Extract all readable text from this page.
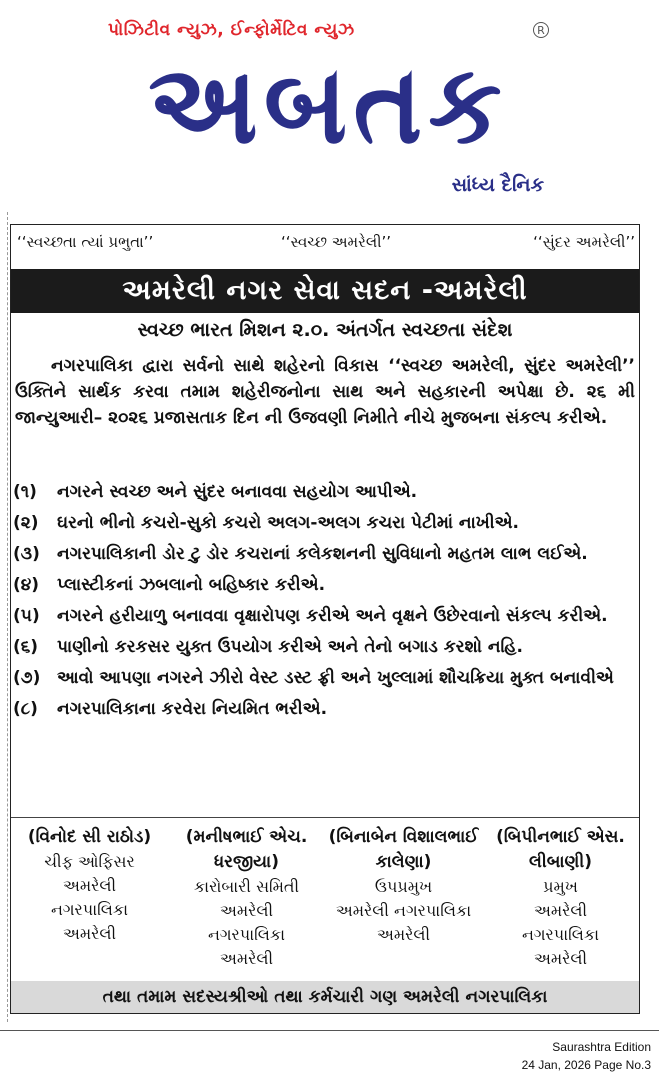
પોઝિટીવ ન્યુઝ, ઈન્ફોર્મેટિવ ન્યુઝ	R
અબતક
સાંધ્ય દૈનિક
‘‘સ્વચ્છતા ત્યાં પ્રભુતા’’	‘‘સ્વચ્છ અમરેલી’’	‘‘સુંદર અમરેલી’’
અમરેલી નગર સેવા સદન -અમરેલી
સ્વચ્છ ભારત મિશન ૨.૦. અંતર્ગત સ્વચ્છતા સંદેશ
નગરપાલિકા દ્વારા સર્વનો સાથે શહેરનો વિકાસ ‘‘સ્વચ્છ અમરેલી, સુંદર અમરેલી’’ ઉક્તિને સાર્થક કરવા તમામ શહેરીજનોના સાથ અને સહકારની અપેક્ષા છે. ૨૬ મી જાન્યુઆરી– ૨૦૨૬ પ્રજાસતાક દિન ની ઉજવણી નિમીતે નીચે મુજબના સંકલ્પ કરીએ.
(૧)	નગરને સ્વચ્છ અને સુંદર બનાવવા સહયોગ આપીએ.
(૨)	ઘરનો ભીનો કચરો-સુકો કચરો અલગ-અલગ કચરા પેટીમાં નાખીએ.
(૩)	નગરપાલિકાની ડોર ટુ ડોર કચરાનાં કલેકશનની સુવિધાનો મહતમ લાભ લઈએ.
(૪)	પ્લાસ્ટીકનાં ઝબલાનો બહિષ્કાર કરીએ.
(૫)	નગરને હરીયાળુ બનાવવા વૃક્ષારોપણ કરીએ અને વૃક્ષને ઉછેરવાનો સંકલ્પ કરીએ.
(૬)	પાણીનો કરકસર યુક્ત ઉપયોગ કરીએ અને તેનો બગાડ કરશો નહિ.
(૭) આવો આપણા નગરને ઝીરો વેસ્ટ ડસ્ટ ફ્રી અને ખુલ્લામાં શૌચક્રિયા મુક્ત બનાવીએ
(૮)	નગરપાલિકાના કરવેરા નિયમિત ભરીએ.
(વિનોદ સી રાઠોડ)
ચીફ ઓફિસર
અમરેલી
નગરપાલિકા
અમરેલી
(મનીષભાઈ એચ. ધરજીયા)
કારોબારી સમિતી
અમરેલી
નગરપાલિકા
અમરેલી
(બિનાબેન વિશાલભાઈ કાલેણા)
ઉપપ્રમુખ
અમરેલી નગરપાલિકા
અમરેલી
(બિપીનભાઈ એસ. લીબાણી)
પ્રમુખ
અમરેલી
નગરપાલિકા
અમરેલી
તથા તમામ સદસ્યશ્રીઓ તથા કર્મચારી ગણ અમરેલી નગરપાલિકા
Saurashtra Edition
24 Jan, 2026 Page No.3
